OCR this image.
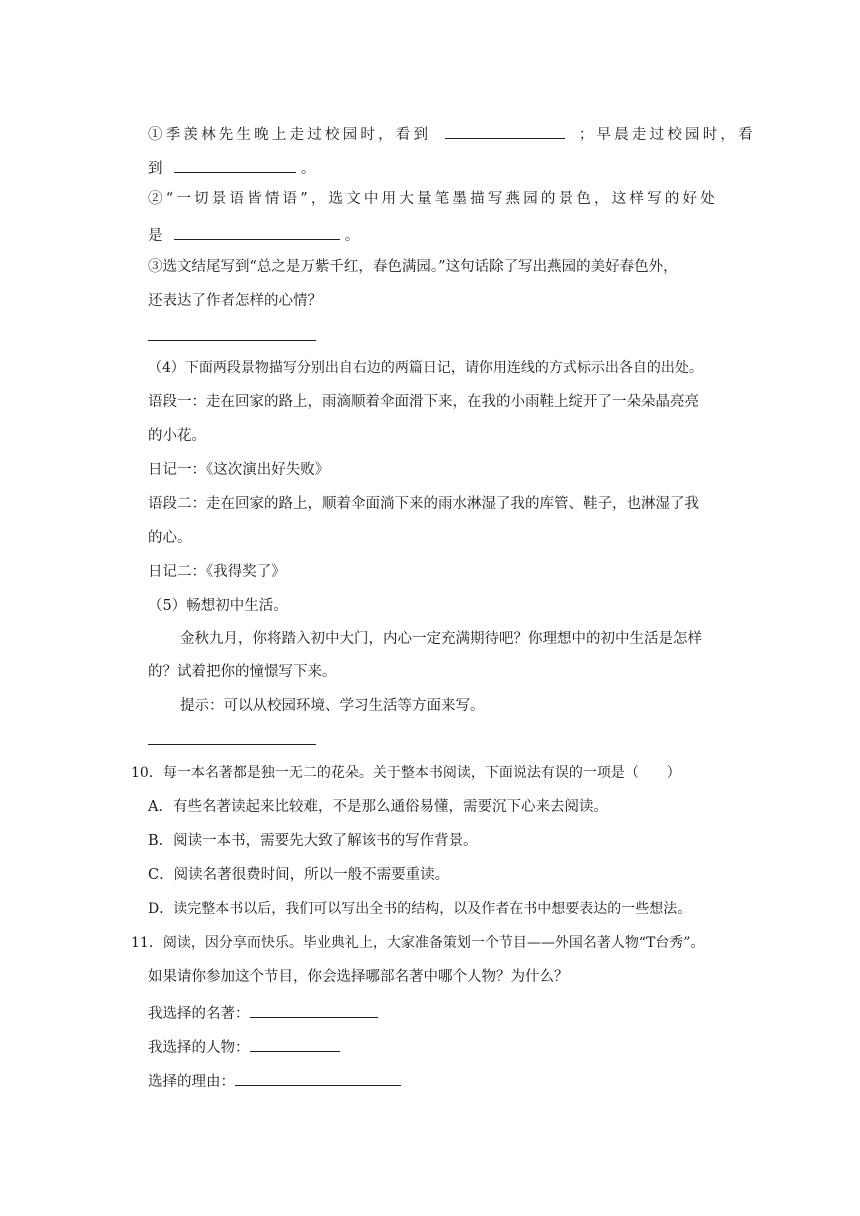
①季羡林先生晚上走过校园时，看到	；早晨走过校园时，看
到	。
②“一切景语皆情语”，选文中用大量笔墨描写燕园的景色，这样写的好处
是	。
③选文结尾写到“总之是万紫千红，春色满园。”这句话除了写出燕园的美好春色外，
还表达了作者怎样的心情？
（4）下面两段景物描写分别出自右边的两篇日记，请你用连线的方式标示出各自的出处。
语段一：走在回家的路上，雨滴顺着伞面滑下来，在我的小雨鞋上绽开了一朵朵晶亮亮
的小花。
日记一：《这次演出好失败》
语段二：走在回家的路上，顺着伞面淌下来的雨水淋湿了我的库管、鞋子，也淋湿了我
的心。
日记二：《我得奖了》
（5）畅想初中生活。
金秋九月，你将踏入初中大门，内心一定充满期待吧？你理想中的初中生活是怎样
的？试着把你的憧憬写下来。
提示：可以从校园环境、学习生活等方面来写。
10．每一本名著都是独一无二的花朵。关于整本书阅读，下面说法有误的一项是（　　）
A．有些名著读起来比较难，不是那么通俗易懂，需要沉下心来去阅读。
B．阅读一本书，需要先大致了解该书的写作背景。
C．阅读名著很费时间，所以一般不需要重读。
D．读完整本书以后，我们可以写出全书的结构，以及作者在书中想要表达的一些想法。
11．阅读，因分享而快乐。毕业典礼上，大家准备策划一个节目——外国名著人物“T台秀”。
如果请你参加这个节目，你会选择哪部名著中哪个人物？为什么？
我选择的名著：
我选择的人物：
选择的理由：
